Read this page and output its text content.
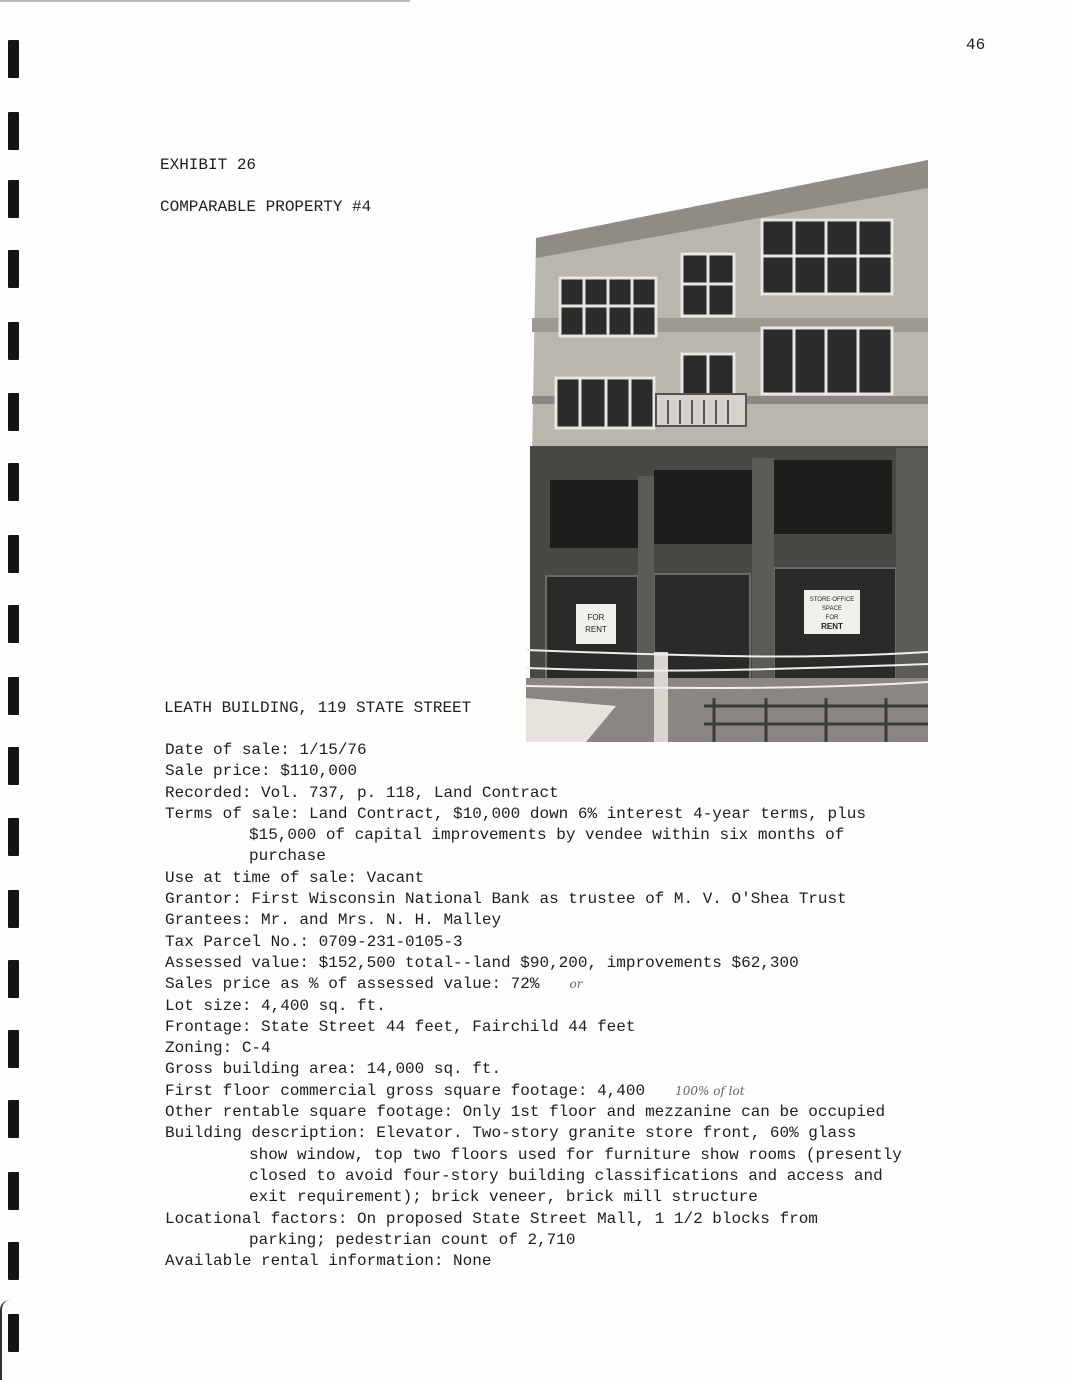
46
EXHIBIT 26
COMPARABLE PROPERTY #4
FOR
RENT
STORE·OFFICE
SPACE
FOR
RENT
LEATH BUILDING, 119 STATE STREET
Date of sale: 1/15/76
Sale price: $110,000
Recorded: Vol. 737, p. 118, Land Contract
Terms of sale: Land Contract, $10,000 down 6% interest 4-year terms, plus
$15,000 of capital improvements by vendee within six months of
purchase
Use at time of sale: Vacant
Grantor: First Wisconsin National Bank as trustee of M. V. O'Shea Trust
Grantees: Mr. and Mrs. N. H. Malley
Tax Parcel No.: 0709-231-0105-3
Assessed value: $152,500 total--land $90,200, improvements $62,300
Sales price as % of assessed value: 72%	or
Lot size: 4,400 sq. ft.
Frontage: State Street 44 feet, Fairchild 44 feet
Zoning: C-4
Gross building area: 14,000 sq. ft.
First floor commercial gross square footage: 4,400	100% of lot
Other rentable square footage: Only 1st floor and mezzanine can be occupied
Building description: Elevator. Two-story granite store front, 60% glass
show window, top two floors used for furniture show rooms (presently
closed to avoid four-story building classifications and access and
exit requirement); brick veneer, brick mill structure
Locational factors: On proposed State Street Mall, 1 1/2 blocks from
parking; pedestrian count of 2,710
Available rental information: None
